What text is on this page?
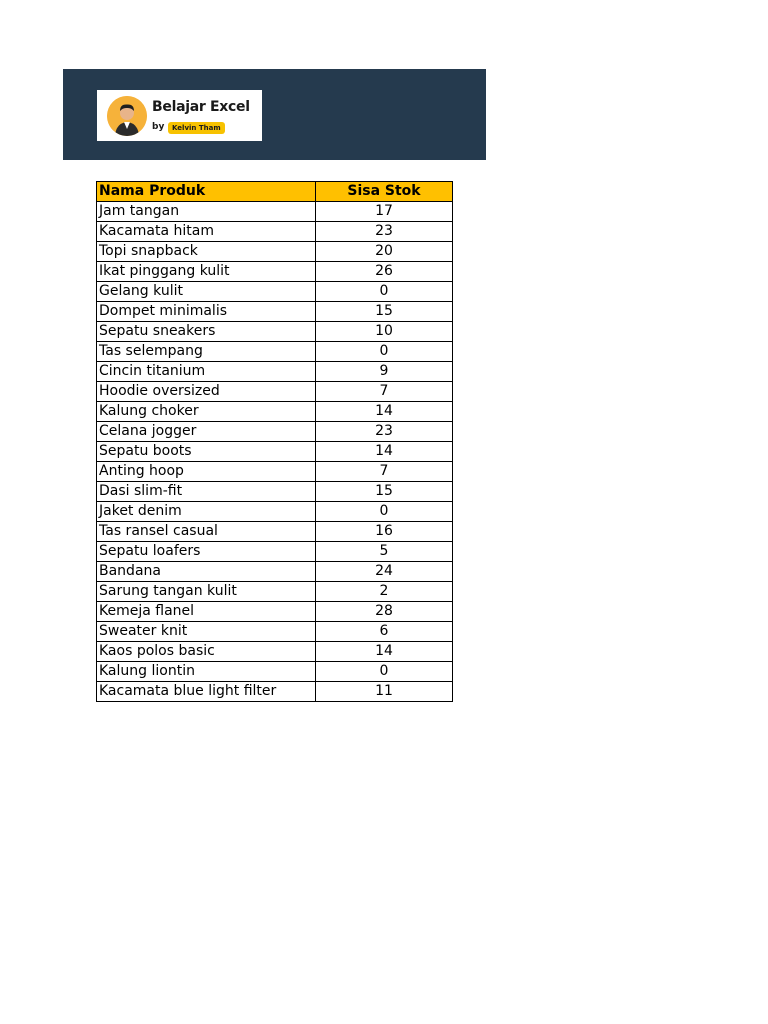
Belajar Excel
by	Kelvin Tham
Nama Produk	Sisa Stok
Jam tangan	17
Kacamata hitam	23
Topi snapback	20
Ikat pinggang kulit	26
Gelang kulit	0
Dompet minimalis	15
Sepatu sneakers	10
Tas selempang	0
Cincin titanium	9
Hoodie oversized	7
Kalung choker	14
Celana jogger	23
Sepatu boots	14
Anting hoop	7
Dasi slim-fit	15
Jaket denim	0
Tas ransel casual	16
Sepatu loafers	5
Bandana	24
Sarung tangan kulit	2
Kemeja flanel	28
Sweater knit	6
Kaos polos basic	14
Kalung liontin	0
Kacamata blue light filter	11
